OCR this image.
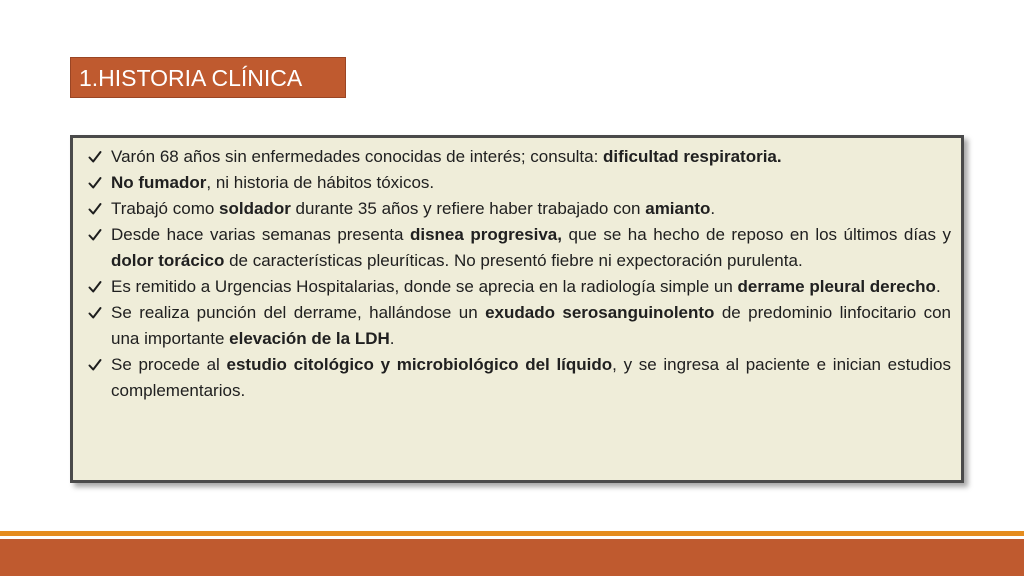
1.HISTORIA CLÍNICA
Varón 68 años sin enfermedades conocidas de interés; consulta: dificultad respiratoria.
No fumador, ni historia de hábitos tóxicos.
Trabajó como soldador durante 35 años y refiere haber trabajado con amianto.
Desde hace varias semanas presenta disnea progresiva, que se ha hecho de reposo en los últimos días y dolor torácico de características pleuríticas. No presentó fiebre ni expectoración purulenta.
Es remitido a Urgencias Hospitalarias, donde se aprecia en la radiología simple un derrame pleural derecho.
Se realiza punción del derrame, hallándose un exudado serosanguinolento de predominio linfocitario con una importante elevación de la LDH.
Se procede al estudio citológico y microbiológico del líquido, y se ingresa al paciente e inician estudios complementarios.
